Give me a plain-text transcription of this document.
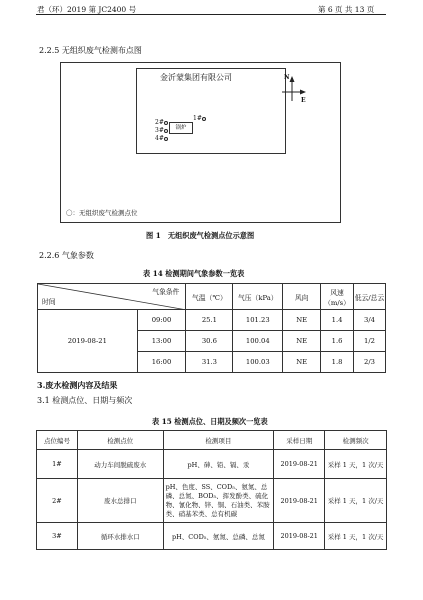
君（环）2019 第 JC2400 号	第 6 页 共 13 页
2.2.5 无组织废气检测布点图
金沂蒙集团有限公司
锅炉
2#
3#
4#
1#
N
E
〇：无组织废气检测点位
图 1　无组织废气检测点位示意图
2.2.6 气象参数
表 14 检测期间气象参数一览表
气象条件
时间		气温（℃）	气压（kPa）	风向	风速（m/s）	低云/总云
2019-08-21	09:00	25.1	101.23	NE	1.4	3/4
	13:00	30.6	100.04	NE	1.6	1/2
	16:00	31.3	100.03	NE	1.8	2/3
3.废水检测内容及结果
3.1 检测点位、日期与频次
表 15 检测点位、日期及频次一览表
点位编号	检测点位	检测项目	采样日期	检测频次
1#	动力车间脱硫废水	pH、砷、铅、镉、汞	2019-08-21	采样 1 天，1 次/天
2#	废水总排口	pH、色度、SS、COD₅、氨氮、总磷、总氮、BOD₅、挥发酚类、硫化物、氰化物、锌、铜、石油类、苯胺类、硝基苯类、总有机碳	2019-08-21	采样 1 天，1 次/天
3#	循环水排水口	pH、COD₅、氨氮、总磷、总氮	2019-08-21	采样 1 天，1 次/天
